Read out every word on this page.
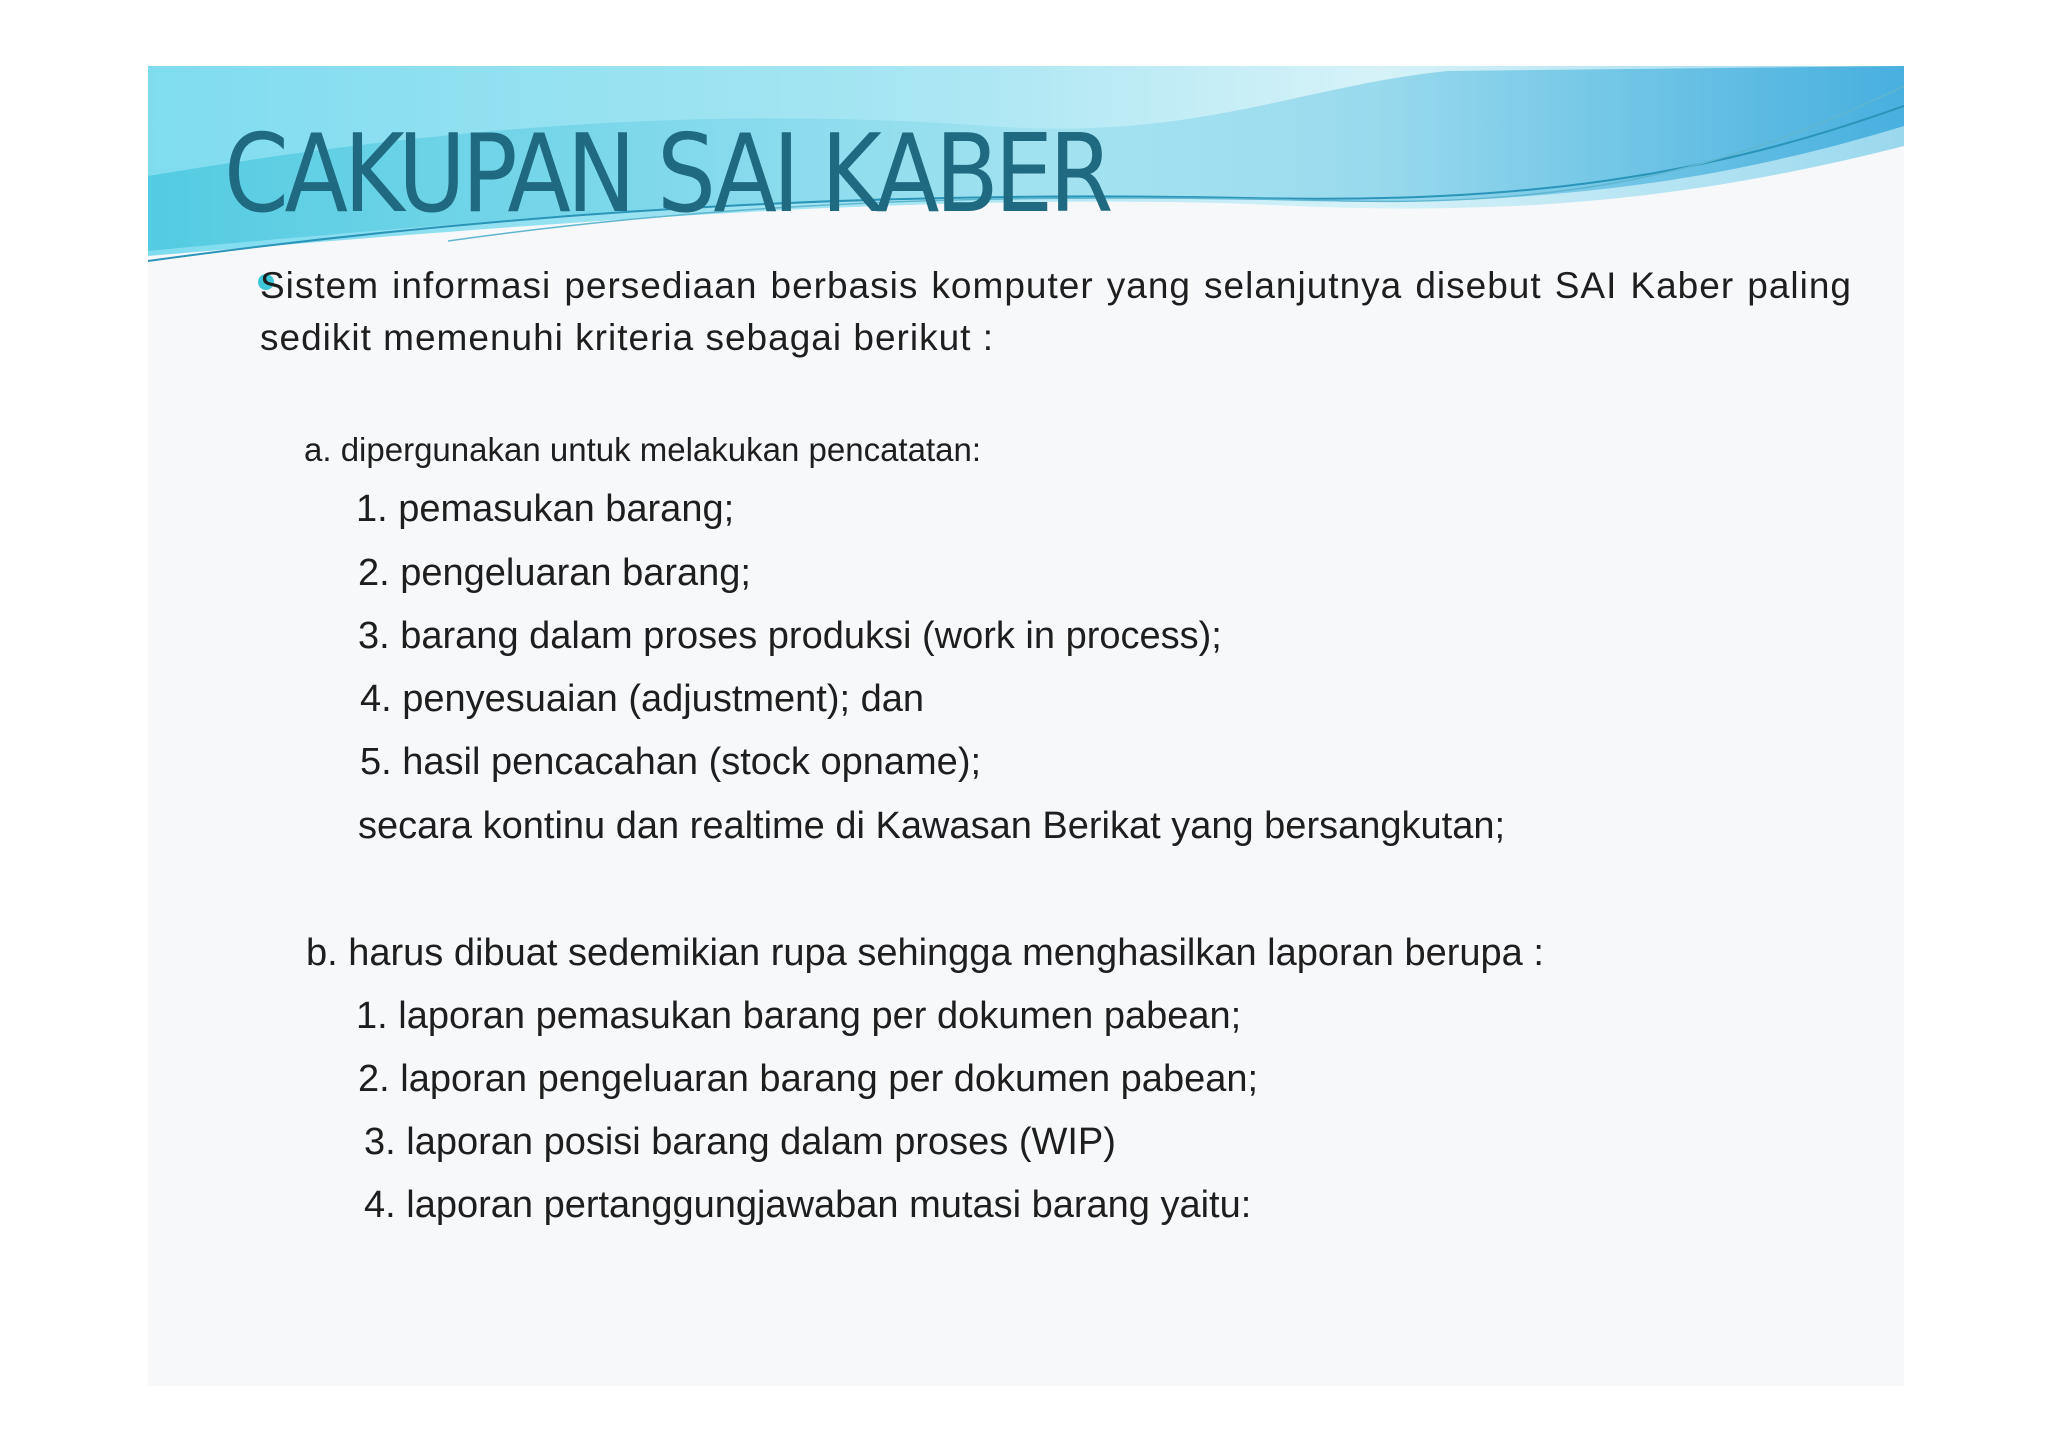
CAKUPAN SAI KABER

Sistem informasi persediaan berbasis komputer yang selanjutnya disebut SAI Kaber paling sedikit memenuhi kriteria sebagai berikut :

a. dipergunakan untuk melakukan pencatatan:
1. pemasukan barang;
2. pengeluaran barang;
3. barang dalam proses produksi (work in process);
4. penyesuaian (adjustment); dan
5. hasil pencacahan (stock opname);
secara kontinu dan realtime di Kawasan Berikat yang bersangkutan;
b. harus dibuat sedemikian rupa sehingga menghasilkan laporan berupa :
1. laporan pemasukan barang per dokumen pabean;
2. laporan pengeluaran barang per dokumen pabean;
3. laporan posisi barang dalam proses (WIP)
4. laporan pertanggungjawaban mutasi barang yaitu:
